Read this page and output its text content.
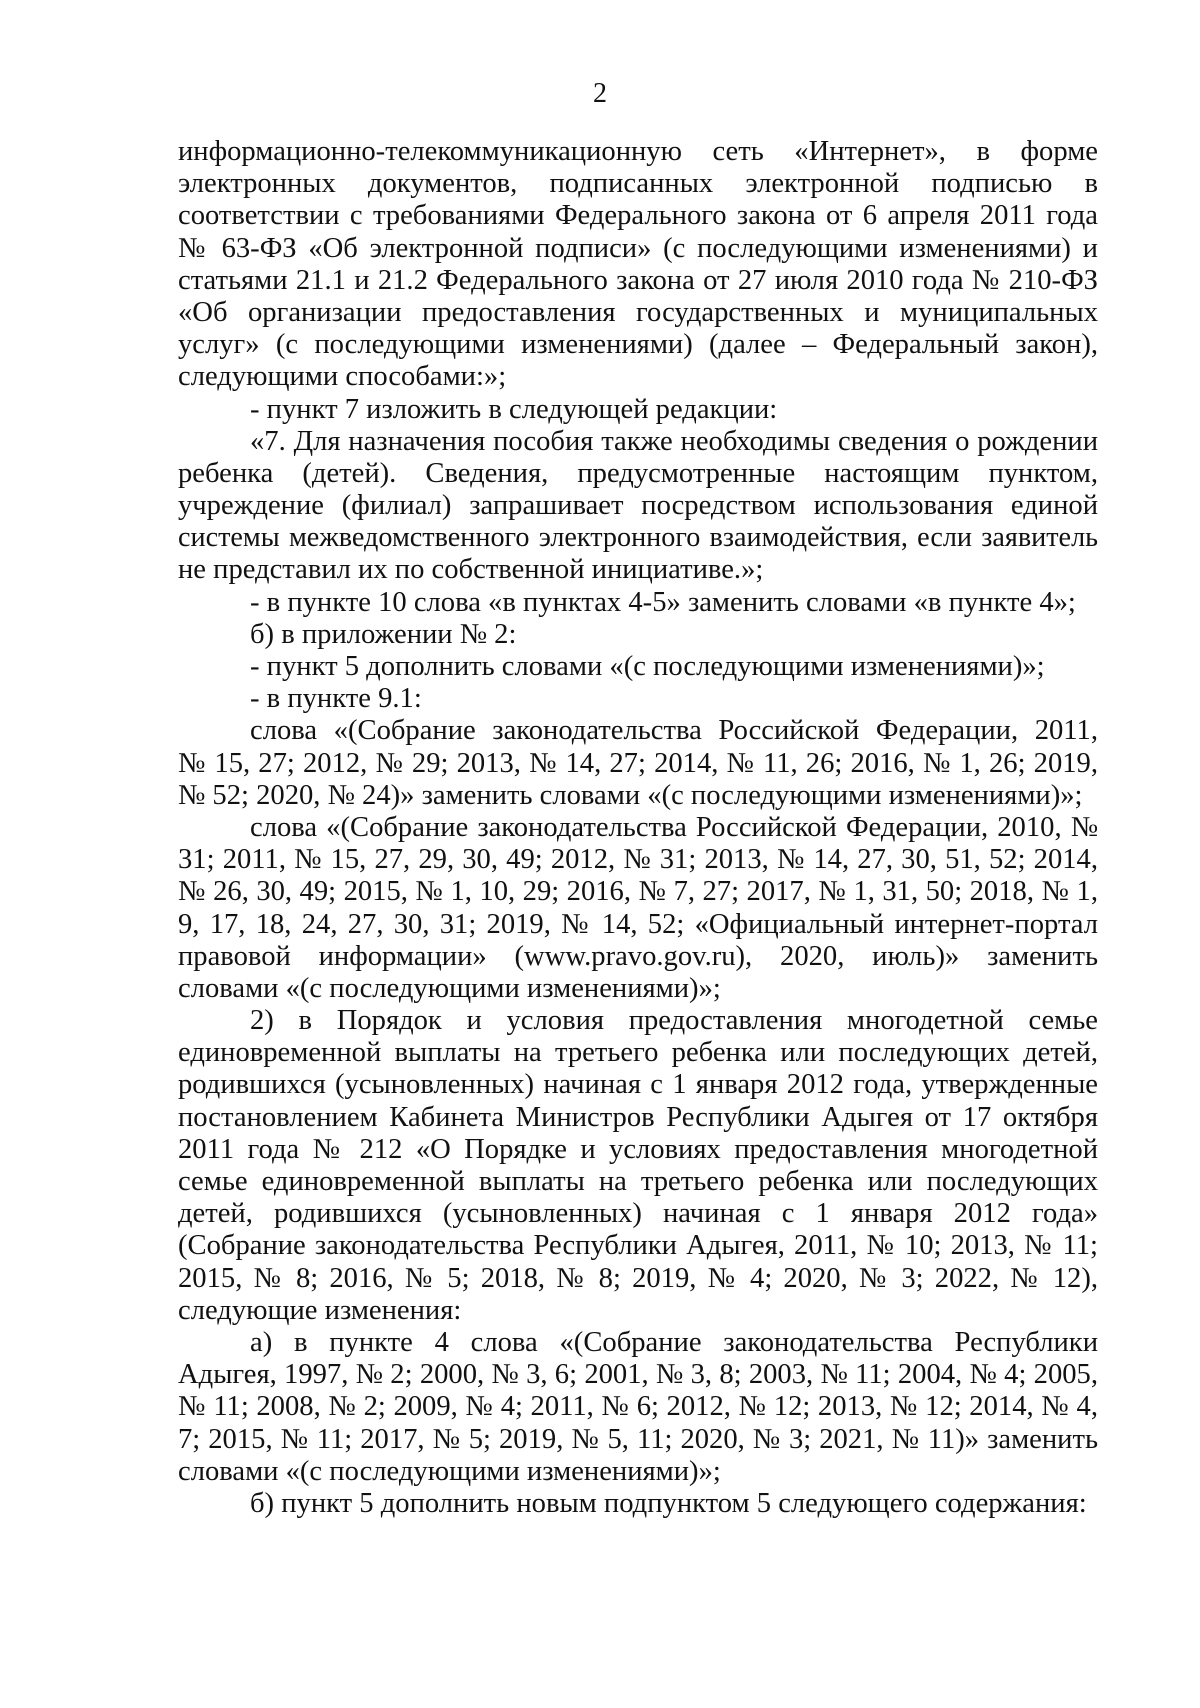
2
информационно-телекоммуникационную сеть «Интернет», в форме
электронных документов, подписанных электронной подписью в
соответствии с требованиями Федерального закона от 6 апреля 2011 года
№ 63-ФЗ «Об электронной подписи» (с последующими изменениями) и
статьями 21.1 и 21.2 Федерального закона от 27 июля 2010 года № 210-ФЗ
«Об организации предоставления государственных и муниципальных
услуг» (с последующими изменениями) (далее – Федеральный закон),
следующими способами:»;
- пункт 7 изложить в следующей редакции:
«7. Для назначения пособия также необходимы сведения о рождении
ребенка (детей). Сведения, предусмотренные настоящим пунктом,
учреждение (филиал) запрашивает посредством использования единой
системы межведомственного электронного взаимодействия, если заявитель
не представил их по собственной инициативе.»;
- в пункте 10 слова «в пунктах 4-5» заменить словами «в пункте 4»;
б) в приложении № 2:
- пункт 5 дополнить словами «(с последующими изменениями)»;
- в пункте 9.1:
слова «(Собрание законодательства Российской Федерации, 2011,
№ 15, 27; 2012, № 29; 2013, № 14, 27; 2014, № 11, 26; 2016, № 1, 26; 2019,
№ 52; 2020, № 24)» заменить словами «(с последующими изменениями)»;
слова «(Собрание законодательства Российской Федерации, 2010, №
31; 2011, № 15, 27, 29, 30, 49; 2012, № 31; 2013, № 14, 27, 30, 51, 52; 2014,
№ 26, 30, 49; 2015, № 1, 10, 29; 2016, № 7, 27; 2017, № 1, 31, 50; 2018, № 1,
9, 17, 18, 24, 27, 30, 31; 2019, № 14, 52; «Официальный интернет-портал
правовой информации» (www.pravo.gov.ru), 2020, июль)» заменить
словами «(с последующими изменениями)»;
2) в Порядок и условия предоставления многодетной семье
единовременной выплаты на третьего ребенка или последующих детей,
родившихся (усыновленных) начиная с 1 января 2012 года, утвержденные
постановлением Кабинета Министров Республики Адыгея от 17 октября
2011 года № 212 «О Порядке и условиях предоставления многодетной
семье единовременной выплаты на третьего ребенка или последующих
детей, родившихся (усыновленных) начиная с 1 января 2012 года»
(Собрание законодательства Республики Адыгея, 2011, № 10; 2013, № 11;
2015, № 8; 2016, № 5; 2018, № 8; 2019, № 4; 2020, № 3; 2022, № 12),
следующие изменения:
а) в пункте 4 слова «(Собрание законодательства Республики
Адыгея, 1997, № 2; 2000, № 3, 6; 2001, № 3, 8; 2003, № 11; 2004, № 4; 2005,
№ 11; 2008, № 2; 2009, № 4; 2011, № 6; 2012, № 12; 2013, № 12; 2014, № 4,
7; 2015, № 11; 2017, № 5; 2019, № 5, 11; 2020, № 3; 2021, № 11)» заменить
словами «(с последующими изменениями)»;
б) пункт 5 дополнить новым подпунктом 5 следующего содержания:
